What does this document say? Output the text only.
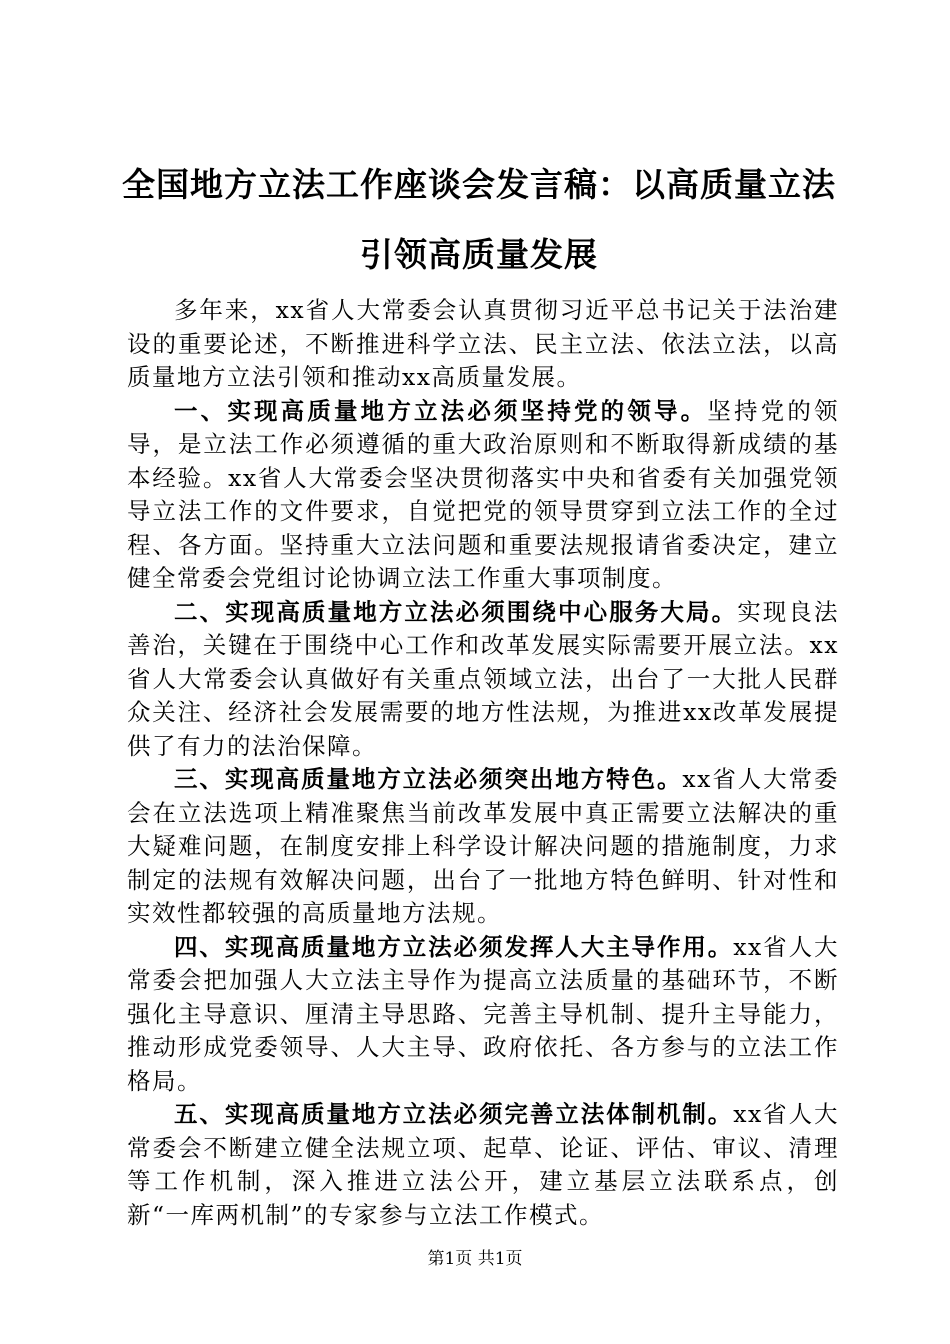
全国地方立法工作座谈会发言稿：以高质量立法引领高质量发展

多年来，xx省人大常委会认真贯彻习近平总书记关于法治建设的重要论述，不断推进科学立法、民主立法、依法立法，以高质量地方立法引领和推动xx高质量发展。

一、实现高质量地方立法必须坚持党的领导。坚持党的领导，是立法工作必须遵循的重大政治原则和不断取得新成绩的基本经验。xx省人大常委会坚决贯彻落实中央和省委有关加强党领导立法工作的文件要求，自觉把党的领导贯穿到立法工作的全过程、各方面。坚持重大立法问题和重要法规报请省委决定，建立健全常委会党组讨论协调立法工作重大事项制度。

二、实现高质量地方立法必须围绕中心服务大局。实现良法善治，关键在于围绕中心工作和改革发展实际需要开展立法。xx省人大常委会认真做好有关重点领域立法，出台了一大批人民群众关注、经济社会发展需要的地方性法规，为推进xx改革发展提供了有力的法治保障。

三、实现高质量地方立法必须突出地方特色。xx省人大常委会在立法选项上精准聚焦当前改革发展中真正需要立法解决的重大疑难问题，在制度安排上科学设计解决问题的措施制度，力求制定的法规有效解决问题，出台了一批地方特色鲜明、针对性和实效性都较强的高质量地方法规。

四、实现高质量地方立法必须发挥人大主导作用。xx省人大常委会把加强人大立法主导作为提高立法质量的基础环节，不断强化主导意识、厘清主导思路、完善主导机制、提升主导能力，推动形成党委领导、人大主导、政府依托、各方参与的立法工作格局。

五、实现高质量地方立法必须完善立法体制机制。xx省人大常委会不断建立健全法规立项、起草、论证、评估、审议、清理等工作机制，深入推进立法公开，建立基层立法联系点，创新“一库两机制”的专家参与立法工作模式。

第1页 共1页
